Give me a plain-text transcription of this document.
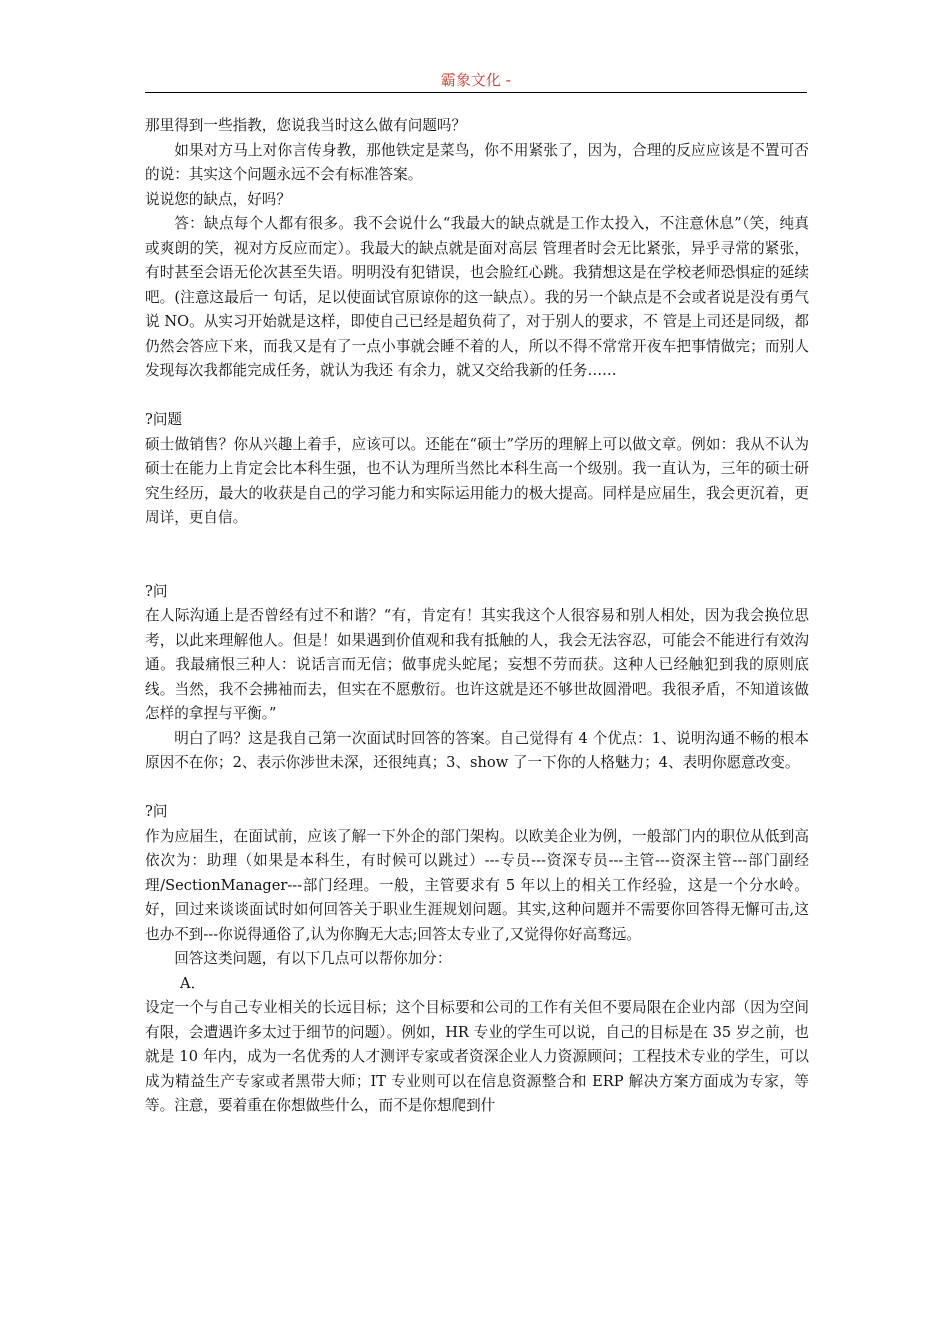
霸象文化 -

那里得到一些指教，您说我当时这么做有问题吗？

如果对方马上对你言传身教，那他铁定是菜鸟，你不用紧张了，因为，合理的反应应该是不置可否的说：其实这个问题永远不会有标准答案。

说说您的缺点，好吗？

答：缺点每个人都有很多。我不会说什么“我最大的缺点就是工作太投入，不注意休息”（笑，纯真或爽朗的笑，视对方反应而定）。我最大的缺点就是面对高层 管理者时会无比紧张，异乎寻常的紧张，有时甚至会语无伦次甚至失语。明明没有犯错误，也会脸红心跳。我猜想这是在学校老师恐惧症的延续吧。(注意这最后一 句话，足以使面试官原谅你的这一缺点）。我的另一个缺点是不会或者说是没有勇气说 NO。从实习开始就是这样，即使自己已经是超负荷了，对于别人的要求，不 管是上司还是同级，都仍然会答应下来，而我又是有了一点小事就会睡不着的人，所以不得不常常开夜车把事情做完；而别人发现每次我都能完成任务，就认为我还 有余力，就又交给我新的任务……

?问题

硕士做销售？你从兴趣上着手，应该可以。还能在“硕士”学历的理解上可以做文章。例如：我从不认为硕士在能力上肯定会比本科生强，也不认为理所当然比本科生高一个级别。我一直认为，三年的硕士研究生经历，最大的收获是自己的学习能力和实际运用能力的极大提高。同样是应届生，我会更沉着，更周详，更自信。

?问

在人际沟通上是否曾经有过不和谐？“有，肯定有！其实我这个人很容易和别人相处，因为我会换位思考，以此来理解他人。但是！如果遇到价值观和我有抵触的人，我会无法容忍，可能会不能进行有效沟 通。我最痛恨三种人：说话言而无信；做事虎头蛇尾；妄想不劳而获。这种人已经触犯到我的原则底线。当然，我不会拂袖而去，但实在不愿敷衍。也许这就是还不够世故圆滑吧。我很矛盾，不知道该做怎样的拿捏与平衡。”

明白了吗？这是我自己第一次面试时回答的答案。自己觉得有 4 个优点：1、说明沟通不畅的根本原因不在你；2、表示你涉世未深，还很纯真；3、show 了一下你的人格魅力；4、表明你愿意改变。

?问

作为应届生，在面试前，应该了解一下外企的部门架构。以欧美企业为例，一般部门内的职位从低到高依次为：助理（如果是本科生，有时候可以跳过）---专员---资深专员---主管---资深主管---部门副经理/SectionManager---部门经理。一般，主管要求有 5 年以上的相关工作经验，这是一个分水岭。好，回过来谈谈面试时如何回答关于职业生涯规划问题。其实,这种问题并不需要你回答得无懈可击,这也办不到---你说得通俗了,认为你胸无大志;回答太专业了,又觉得你好高骛远。

回答这类问题，有以下几点可以帮你加分：

A．

设定一个与自己专业相关的长远目标；这个目标要和公司的工作有关但不要局限在企业内部（因为空间有限，会遭遇许多太过于细节的问题）。例如，HR 专业的学生可以说，自己的目标是在 35 岁之前，也就是 10 年内，成为一名优秀的人才测评专家或者资深企业人力资源顾问；工程技术专业的学生，可以成为精益生产专家或者黑带大师；IT 专业则可以在信息资源整合和 ERP 解决方案方面成为专家，等等。注意，要着重在你想做些什么，而不是你想爬到什
